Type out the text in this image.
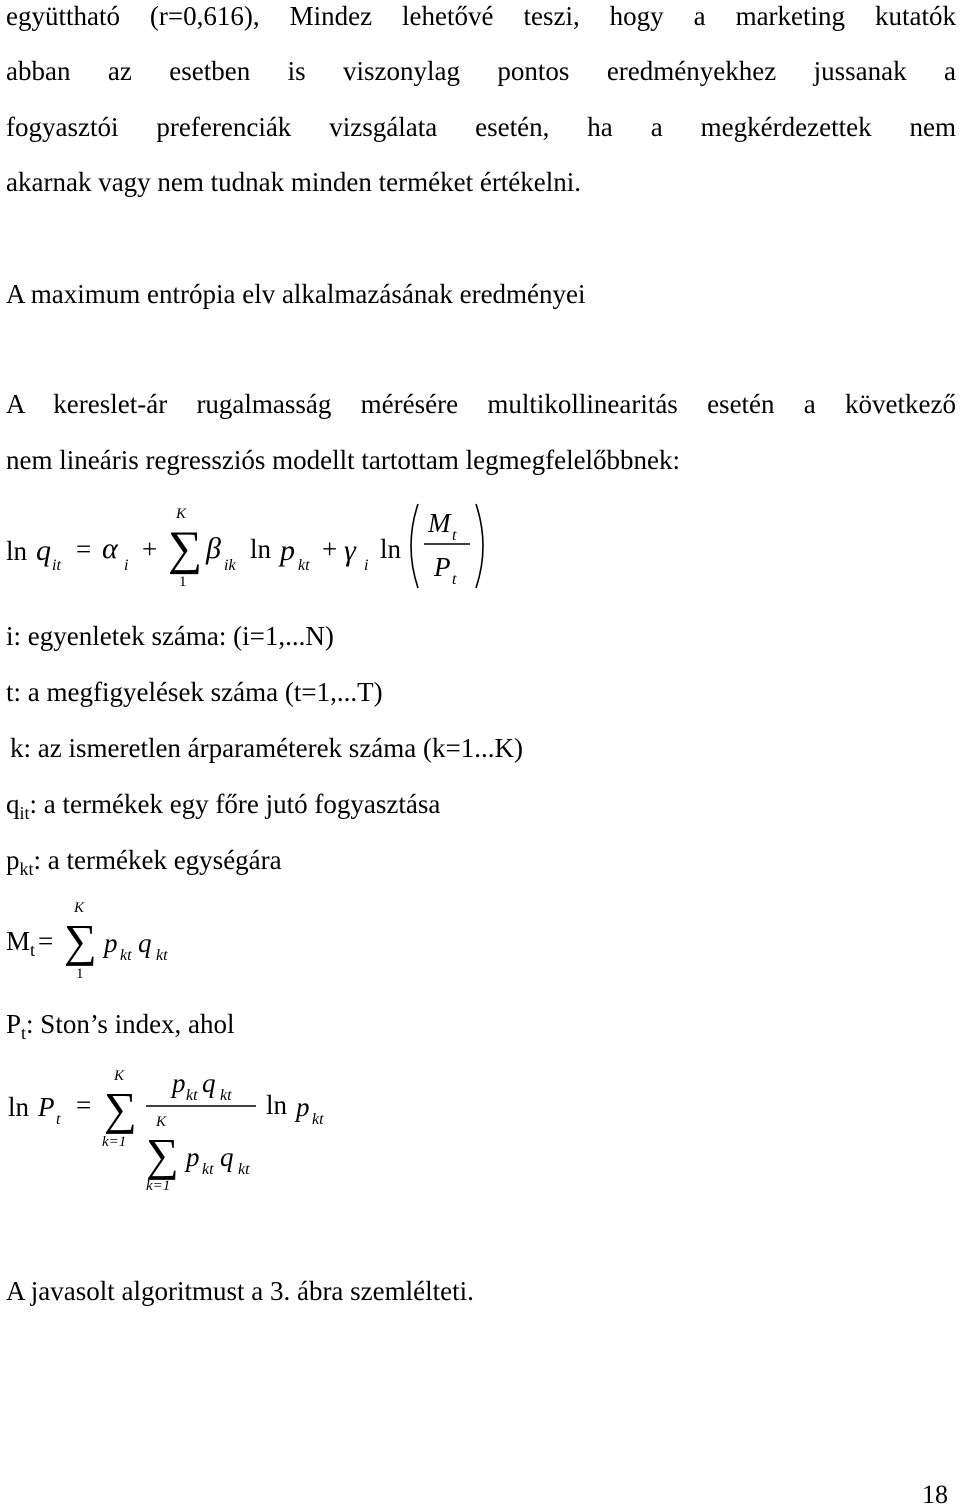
együttható (r=0,616), Mindez lehetővé teszi, hogy a marketing kutatók
abban az esetben is viszonylag pontos eredményekhez jussanak a
fogyasztói preferenciák vizsgálata esetén, ha a megkérdezettek nem
akarnak vagy nem tudnak minden terméket értékelni.
A maximum entrópia elv alkalmazásának eredményei
A kereslet-ár rugalmasság mérésére multikollinearitás esetén a következő
nem lineáris regressziós modellt tartottam legmegfelelőbbnek:
ln q it
= α
i
+
K
∑
1
β
ik
ln p kt
+ γ i
ln
M t
P t
i: egyenletek száma: (i=1,...N)
t: a megfigyelések száma (t=1,...T)
k: az ismeretlen árparaméterek száma (k=1...K)
$q_{it}$: a termékek egy főre jutó fogyasztása
$p_{kt}$: a termékek egységára
M t =
K
∑
1
p kt q kt
$P_t$: Ston’s index, ahol
ln P t =
K
∑
k=1
p kt q kt
K
∑
k=1
p kt q kt
ln p kt
A javasolt algoritmust a 3. ábra szemlélteti.
18
